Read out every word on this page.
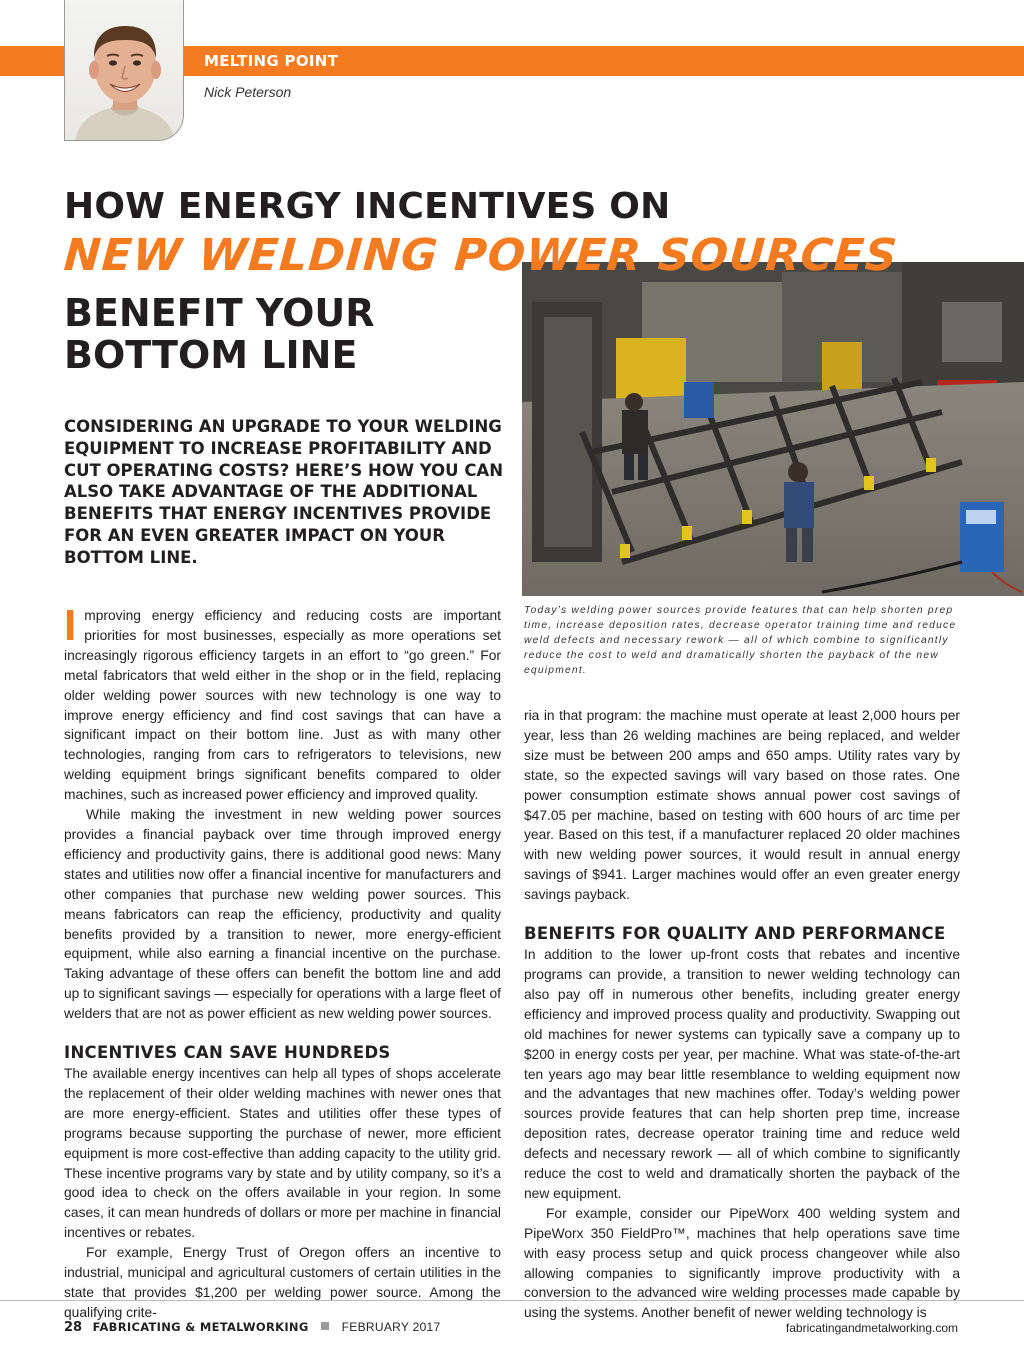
MELTING POINT
Nick Peterson
HOW ENERGY INCENTIVES ON
NEW WELDING POWER SOURCES
BENEFIT YOUR BOTTOM LINE
CONSIDERING AN UPGRADE TO YOUR WELDING EQUIPMENT TO INCREASE PROFITABILITY AND CUT OPERATING COSTS? HERE’S HOW YOU CAN ALSO TAKE ADVANTAGE OF THE ADDITIONAL BENEFITS THAT ENERGY INCENTIVES PROVIDE FOR AN EVEN GREATER IMPACT ON YOUR BOTTOM LINE.
Today’s welding power sources provide features that can help shorten prep time, increase deposition rates, decrease operator training time and reduce weld defects and necessary rework — all of which combine to significantly reduce the cost to weld and dramatically shorten the payback of the new equipment.

I mproving energy efficiency and reducing costs are important priorities for most businesses, especially as more operations set increasingly rigorous efficiency targets in an effort to “go green.” For metal fabricators that weld either in the shop or in the field, replacing older welding power sources with new technology is one way to improve energy efficiency and find cost savings that can have a significant impact on their bottom line. Just as with many other technologies, ranging from cars to refrigerators to televisions, new welding equipment brings significant benefits compared to older machines, such as increased power efficiency and improved quality.

While making the investment in new welding power sources provides a financial payback over time through improved energy efficiency and productivity gains, there is additional good news: Many states and utilities now offer a financial incentive for manufacturers and other companies that purchase new welding power sources. This means fabricators can reap the efficiency, productivity and quality benefits provided by a transition to newer, more energy-efficient equipment, while also earning a financial incentive on the purchase. Taking advantage of these offers can benefit the bottom line and add up to significant savings — especially for operations with a large fleet of welders that are not as power efficient as new welding power sources.

INCENTIVES CAN SAVE HUNDREDS

The available energy incentives can help all types of shops accelerate the replacement of their older welding machines with newer ones that are more energy-efficient. States and utilities offer these types of programs because supporting the purchase of newer, more efficient equipment is more cost-effective than adding capacity to the utility grid. These incentive programs vary by state and by utility company, so it’s a good idea to check on the offers available in your region. In some cases, it can mean hundreds of dollars or more per machine in financial incentives or rebates.

For example, Energy Trust of Oregon offers an incentive to industrial, municipal and agricultural customers of certain utilities in the state that provides $1,200 per welding power source. Among the qualifying crite-

ria in that program: the machine must operate at least 2,000 hours per year, less than 26 welding machines are being replaced, and welder size must be between 200 amps and 650 amps. Utility rates vary by state, so the expected savings will vary based on those rates. One power consumption estimate shows annual power cost savings of $47.05 per machine, based on testing with 600 hours of arc time per year. Based on this test, if a manufacturer replaced 20 older machines with new welding power sources, it would result in annual energy savings of $941. Larger machines would offer an even greater energy savings payback.

BENEFITS FOR QUALITY AND PERFORMANCE

In addition to the lower up-front costs that rebates and incentive programs can provide, a transition to newer welding technology can also pay off in numerous other benefits, including greater energy efficiency and improved process quality and productivity. Swapping out old machines for newer systems can typically save a company up to $200 in energy costs per year, per machine. What was state-of-the-art ten years ago may bear little resemblance to welding equipment now and the advantages that new machines offer. Today’s welding power sources provide features that can help shorten prep time, increase deposition rates, decrease operator training time and reduce weld defects and necessary rework — all of which combine to significantly reduce the cost to weld and dramatically shorten the payback of the new equipment.

For example, consider our PipeWorx 400 welding system and PipeWorx 350 FieldPro™, machines that help operations save time with easy process setup and quick process changeover while also allowing companies to significantly improve productivity with a conversion to the advanced wire welding processes made capable by using the systems. Another benefit of newer welding technology is

28 FABRICATING & METALWORKING	FEBRUARY 2017	fabricatingandmetalworking.com
